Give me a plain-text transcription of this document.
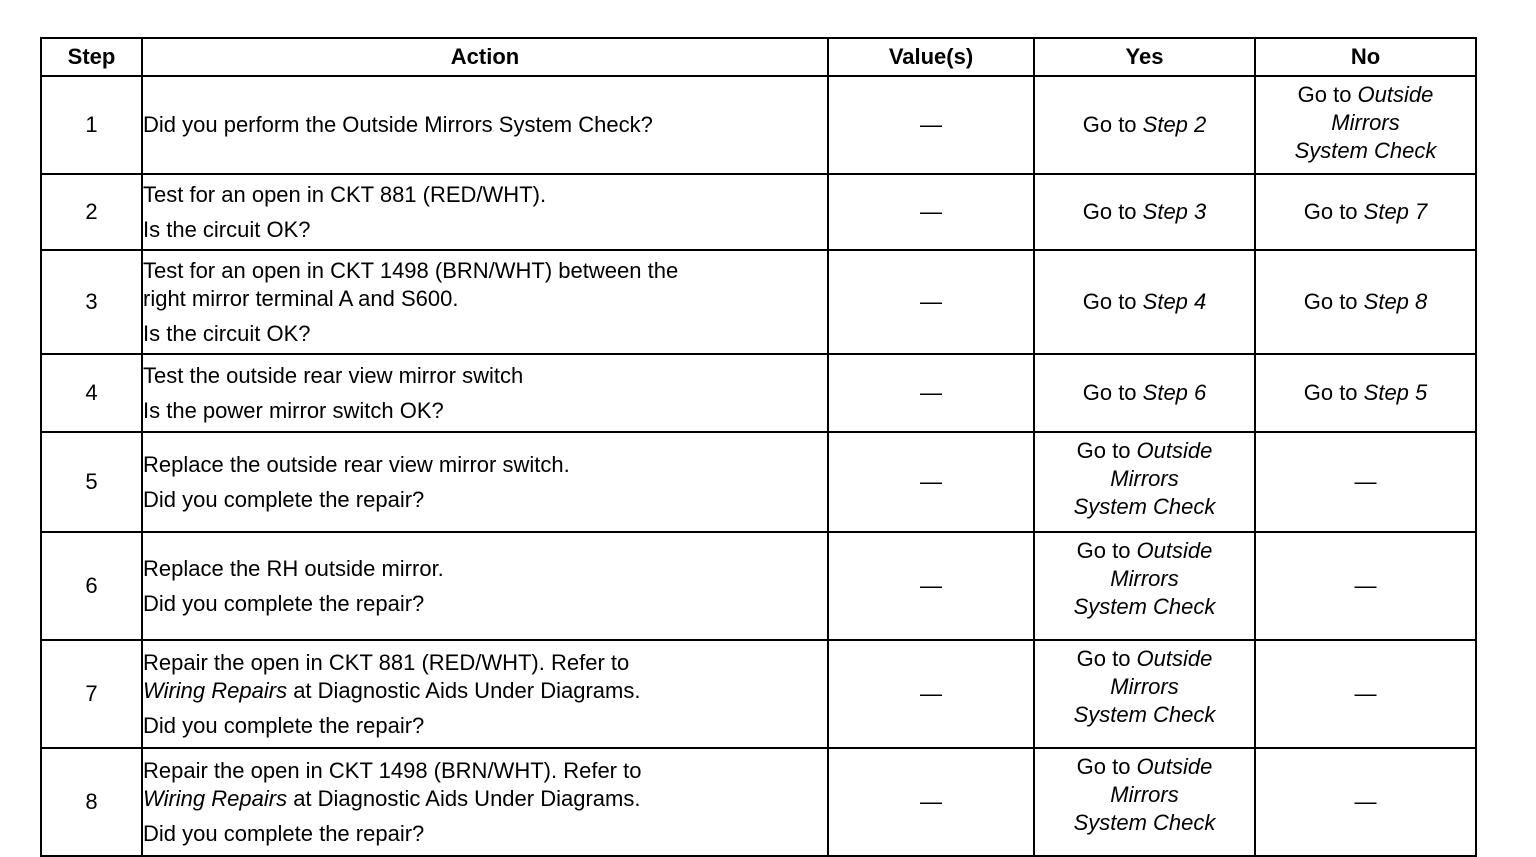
Step	Action	Value(s)	Yes	No
1	Did you perform the Outside Mirrors System Check?	—	Go to Step 2	Go to Outside
Mirrors
System Check
2	Test for an open in CKT 881 (RED/WHT).
Is the circuit OK?	—	Go to Step 3	Go to Step 7
3	Test for an open in CKT 1498 (BRN/WHT) between the
right mirror terminal A and S600.
Is the circuit OK?	—	Go to Step 4	Go to Step 8
4	Test the outside rear view mirror switch
Is the power mirror switch OK?	—	Go to Step 6	Go to Step 5
5	Replace the outside rear view mirror switch.
Did you complete the repair?	—	Go to Outside
Mirrors
System Check	—
6	Replace the RH outside mirror.
Did you complete the repair?	—	Go to Outside
Mirrors
System Check	—
7	Repair the open in CKT 881 (RED/WHT). Refer to
Wiring Repairs at Diagnostic Aids Under Diagrams.
Did you complete the repair?	—	Go to Outside
Mirrors
System Check	—
8	Repair the open in CKT 1498 (BRN/WHT). Refer to
Wiring Repairs at Diagnostic Aids Under Diagrams.
Did you complete the repair?	—	Go to Outside
Mirrors
System Check	—
